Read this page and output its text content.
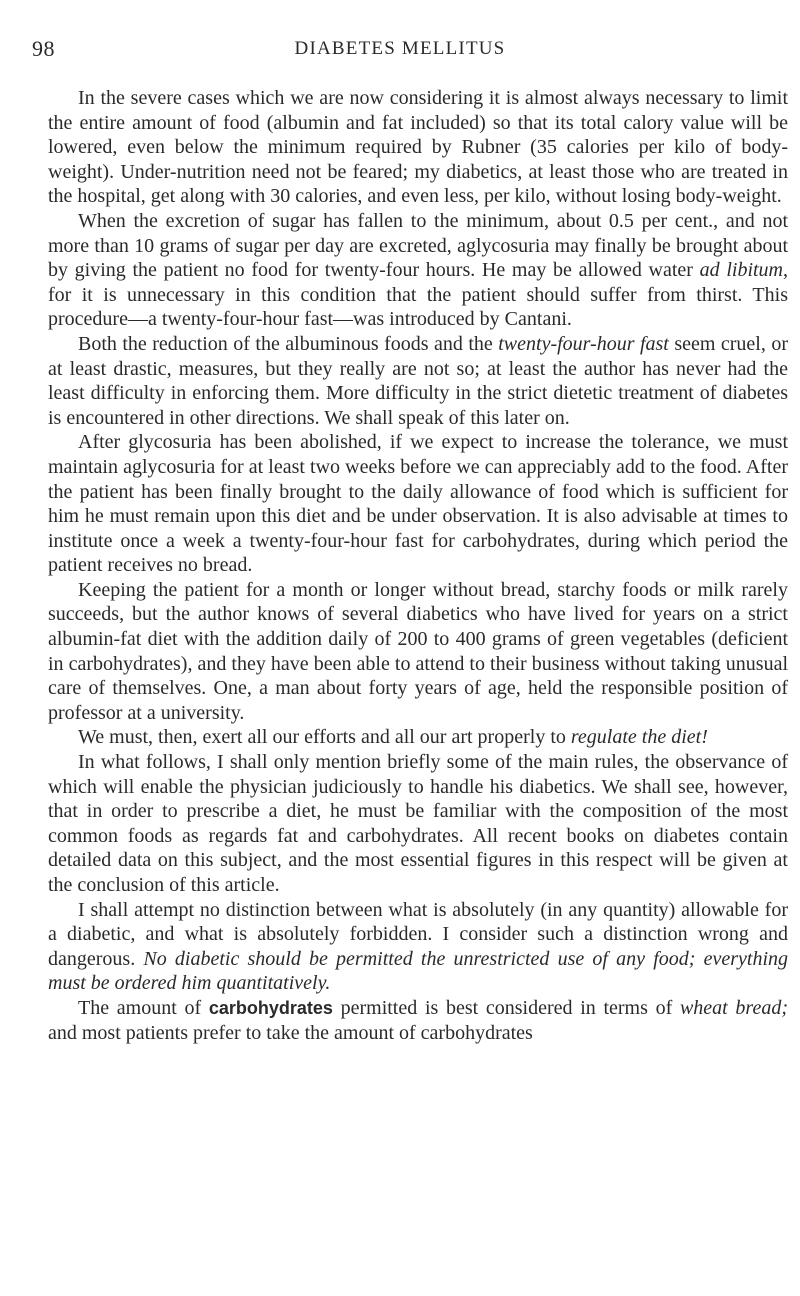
98	DIABETES MELLITUS

In the severe cases which we are now considering it is almost always necessary to limit the entire amount of food (albumin and fat included) so that its total calory value will be lowered, even below the minimum required by Rubner (35 calories per kilo of body-weight). Under-nutrition need not be feared; my diabetics, at least those who are treated in the hospital, get along with 30 calories, and even less, per kilo, without losing body-weight.

When the excretion of sugar has fallen to the minimum, about 0.5 per cent., and not more than 10 grams of sugar per day are excreted, aglycosuria may finally be brought about by giving the patient no food for twenty-four hours. He may be allowed water ad libitum, for it is unnecessary in this condition that the patient should suffer from thirst. This procedure—a twenty-four-hour fast—was introduced by Cantani.

Both the reduction of the albuminous foods and the twenty-four-hour fast seem cruel, or at least drastic, measures, but they really are not so; at least the author has never had the least difficulty in enforcing them. More difficulty in the strict dietetic treatment of diabetes is encountered in other directions. We shall speak of this later on.

After glycosuria has been abolished, if we expect to increase the tolerance, we must maintain aglycosuria for at least two weeks before we can appreciably add to the food. After the patient has been finally brought to the daily allowance of food which is sufficient for him he must remain upon this diet and be under observation. It is also advisable at times to institute once a week a twenty-four-hour fast for carbohydrates, during which period the patient receives no bread.

Keeping the patient for a month or longer without bread, starchy foods or milk rarely succeeds, but the author knows of several diabetics who have lived for years on a strict albumin-fat diet with the addition daily of 200 to 400 grams of green vegetables (deficient in carbohydrates), and they have been able to attend to their business without taking unusual care of themselves. One, a man about forty years of age, held the responsible position of professor at a university.

We must, then, exert all our efforts and all our art properly to regulate the diet!

In what follows, I shall only mention briefly some of the main rules, the observance of which will enable the physician judiciously to handle his diabetics. We shall see, however, that in order to prescribe a diet, he must be familiar with the composition of the most common foods as regards fat and carbohydrates. All recent books on diabetes contain detailed data on this subject, and the most essential figures in this respect will be given at the conclusion of this article.

I shall attempt no distinction between what is absolutely (in any quantity) allowable for a diabetic, and what is absolutely forbidden. I consider such a distinction wrong and dangerous. No diabetic should be permitted the unrestricted use of any food; everything must be ordered him quantitatively.

The amount of carbohydrates permitted is best considered in terms of wheat bread; and most patients prefer to take the amount of carbohydrates
